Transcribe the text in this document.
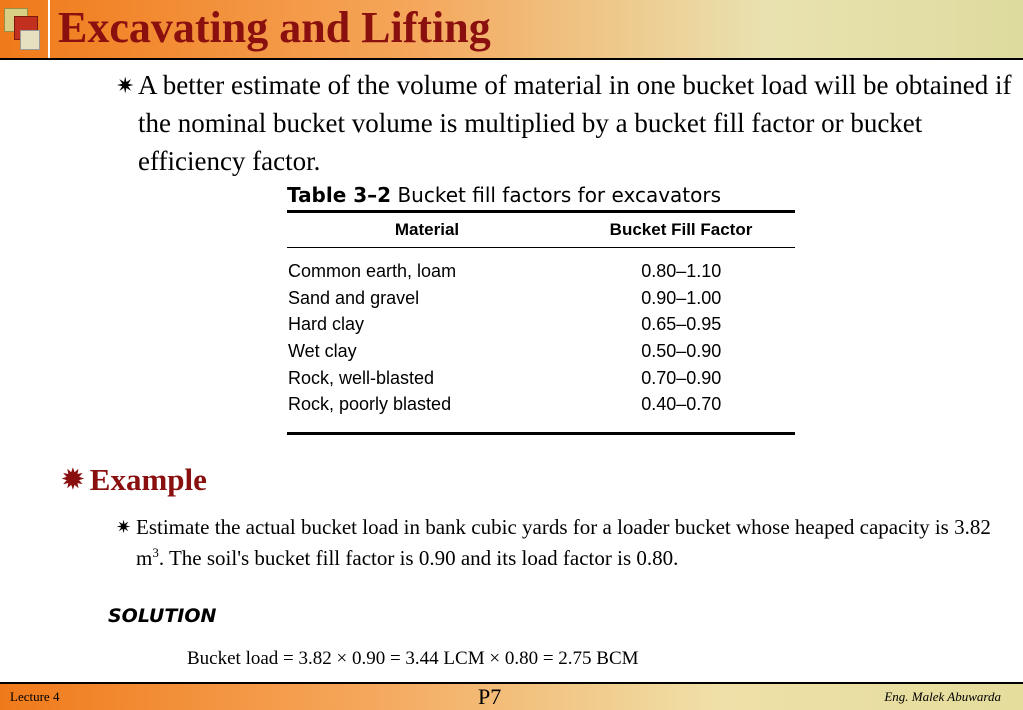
Excavating and Lifting
✷ A better estimate of the volume of material in one bucket load will be obtained if the nominal bucket volume is multiplied by a bucket fill factor or bucket efficiency factor.
Table 3–2 Bucket fill factors for excavators
Material	Bucket Fill Factor
Common earth, loam	0.80–1.10
Sand and gravel	0.90–1.00
Hard clay	0.65–0.95
Wet clay	0.50–0.90
Rock, well-blasted	0.70–0.90
Rock, poorly blasted	0.40–0.70
✹ Example
✷ Estimate the actual bucket load in bank cubic yards for a loader bucket whose heaped capacity is 3.82 $m^3$. The soil's bucket fill factor is 0.90 and its load factor is 0.80.
SOLUTION
Bucket load = 3.82 × 0.90 = 3.44 LCM × 0.80 = 2.75 BCM
Lecture 4	P7	Eng. Malek Abuwarda
